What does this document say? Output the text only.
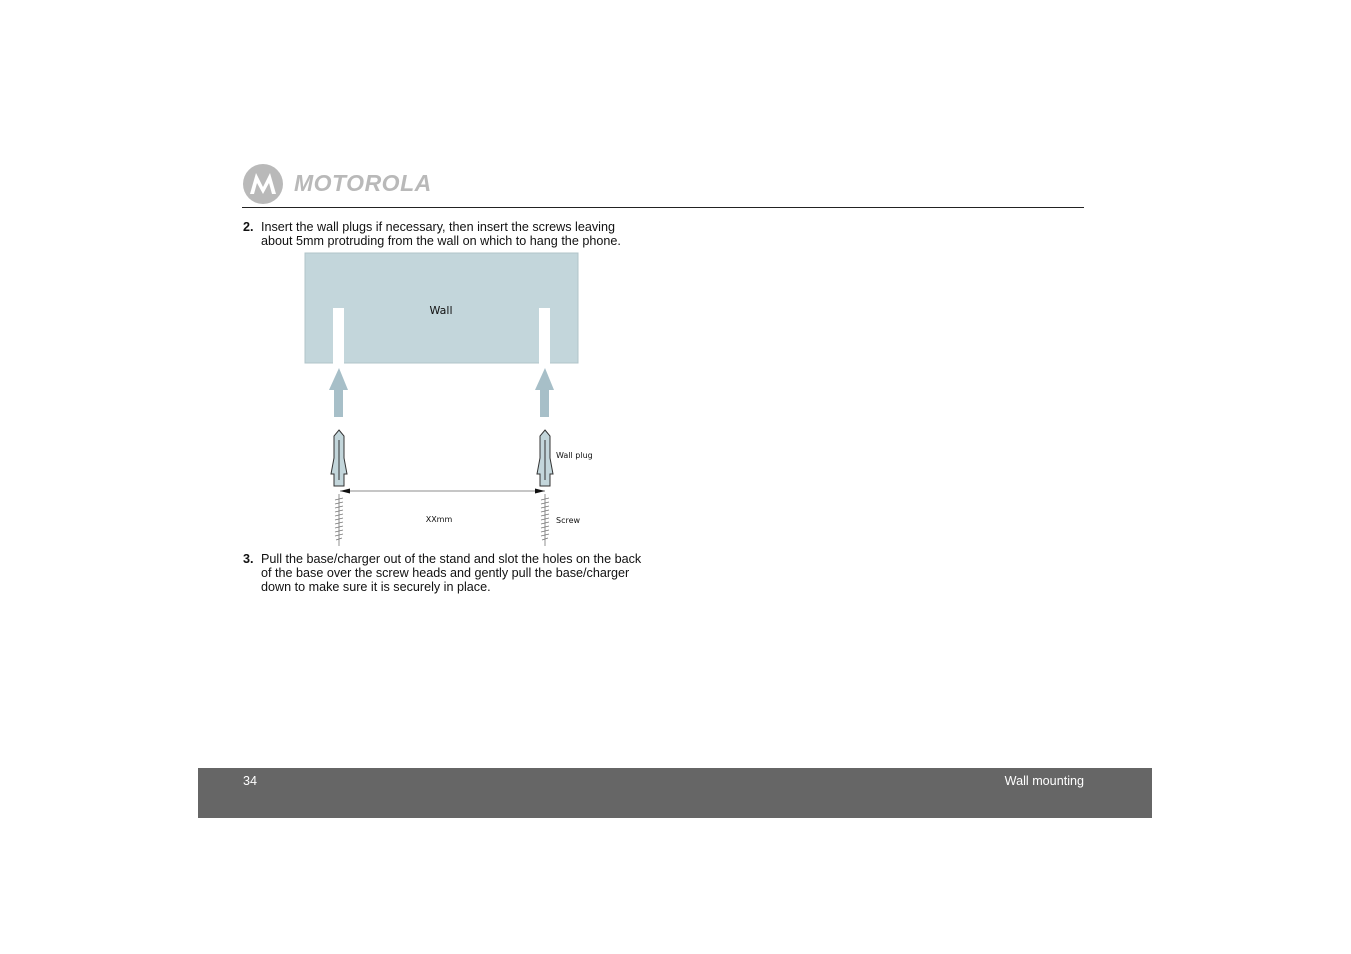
MOTOROLA
2. Insert the wall plugs if necessary, then insert the screws leaving
about 5mm protruding from the wall on which to hang the phone.
Wall
Wall plug
XXmm	Screw
3. Pull the base/charger out of the stand and slot the holes on the back
of the base over the screw heads and gently pull the base/charger
down to make sure it is securely in place.
34	Wall mounting
